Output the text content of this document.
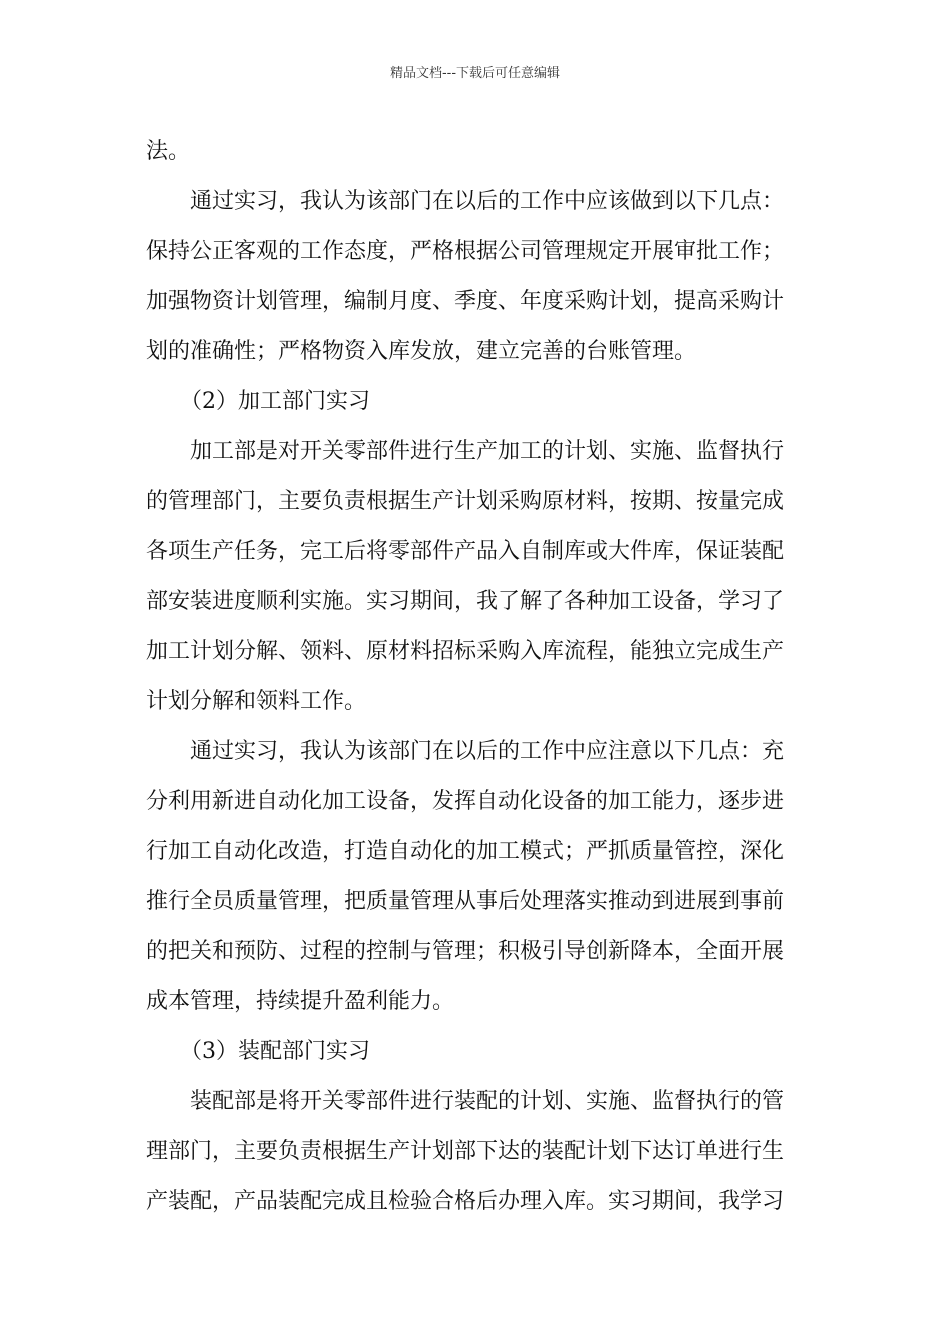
精品文档---下载后可任意编辑
法。
通过实习，我认为该部门在以后的工作中应该做到以下几点：
保持公正客观的工作态度，严格根据公司管理规定开展审批工作；
加强物资计划管理，编制月度、季度、年度采购计划，提高采购计
划的准确性；严格物资入库发放，建立完善的台账管理。
（2）加工部门实习
加工部是对开关零部件进行生产加工的计划、实施、监督执行
的管理部门，主要负责根据生产计划采购原材料，按期、按量完成
各项生产任务，完工后将零部件产品入自制库或大件库，保证装配
部安装进度顺利实施。实习期间，我了解了各种加工设备，学习了
加工计划分解、领料、原材料招标采购入库流程，能独立完成生产
计划分解和领料工作。
通过实习，我认为该部门在以后的工作中应注意以下几点：充
分利用新进自动化加工设备，发挥自动化设备的加工能力，逐步进
行加工自动化改造，打造自动化的加工模式；严抓质量管控，深化
推行全员质量管理，把质量管理从事后处理落实推动到进展到事前
的把关和预防、过程的控制与管理；积极引导创新降本，全面开展
成本管理，持续提升盈利能力。
（3）装配部门实习
装配部是将开关零部件进行装配的计划、实施、监督执行的管
理部门，主要负责根据生产计划部下达的装配计划下达订单进行生
产装配，产品装配完成且检验合格后办理入库。实习期间，我学习
